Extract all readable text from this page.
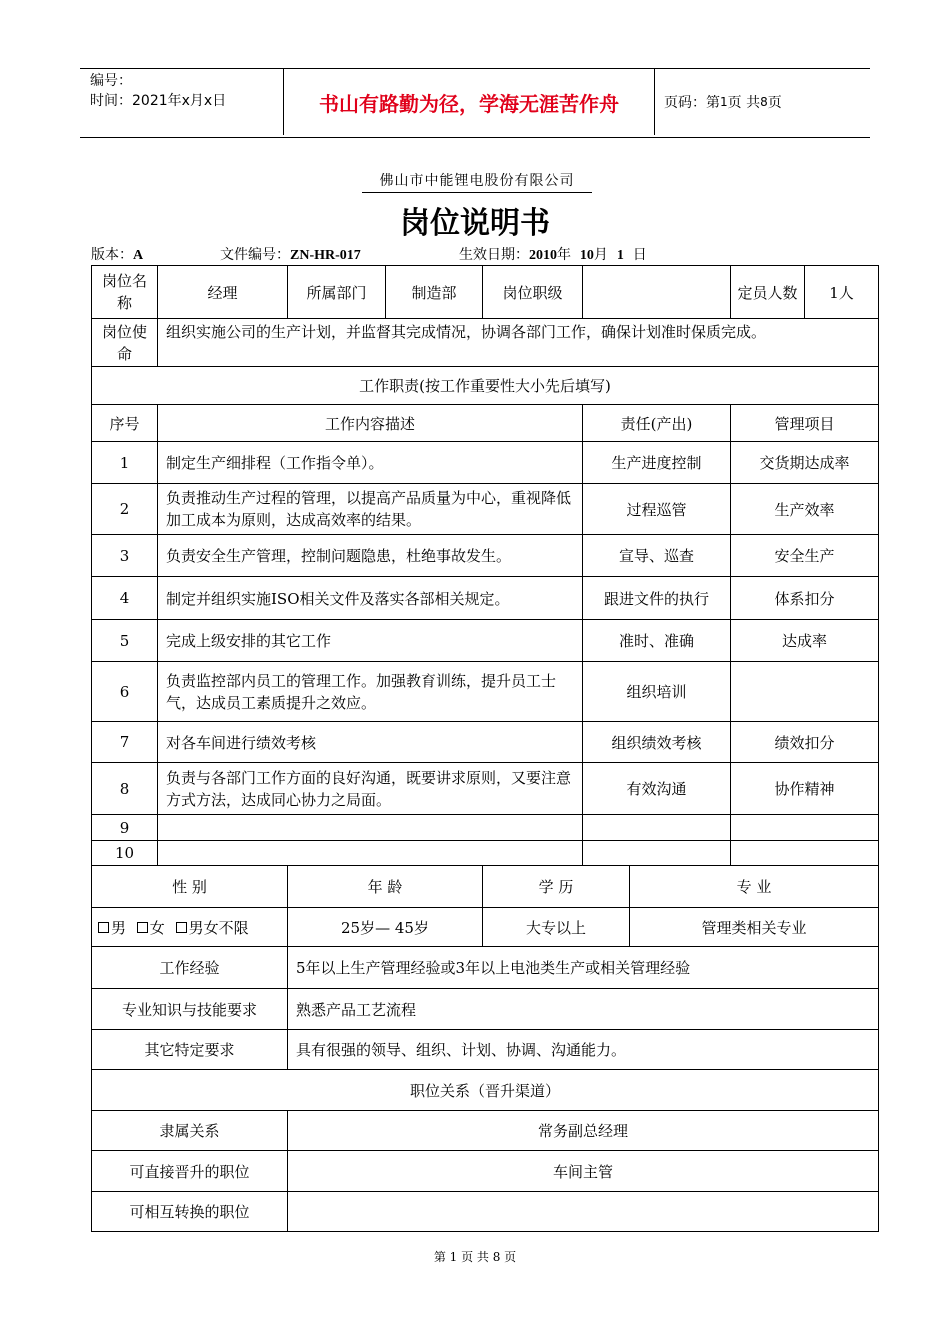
编号：
时间：2021年x月x日	书山有路勤为径，学海无涯苦作舟	页码：第 1 页 共 8 页
佛山市中能锂电股份有限公司
岗位说明书
版本：A	文件编号：ZN-HR-017	生效日期：2010年 10月 1 日
岗位名称	经理	所属部门	制造部	岗位职级			定员人数 1人

岗位使命	组织实施公司的生产计划，并监督其完成情况，协调各部门工作，确保计划准时保质完成。						
工作职责(按工作重要性大小先后填写)							
序号	工作内容描述				责任(产出)		管理项目
1	制定生产细排程（工作指令单）。				生产进度控制		交货期达成率
2	负责推动生产过程的管理，以提高产品质量为中心，重视降低加工成本为原则，达成高效率的结果。				过程巡管		生产效率
3	负责安全生产管理，控制问题隐患，杜绝事故发生。				宣导、巡查		安全生产
4	制定并组织实施ISO相关文件及落实各部相关规定。				跟进文件的执行		体系扣分
5	完成上级安排的其它工作				准时、准确		达成率
6	负责监控部内员工的管理工作。加强教育训练，提升员工士气，达成员工素质提升之效应。				组织培训		
7	对各车间进行绩效考核				组织绩效考核		绩效扣分
8	负责与各部门工作方面的良好沟通，既要讲求原则，又要注意方式方法，达成同心协力之局面。				有效沟通		协作精神
9							
10							
性 别		年 龄		学 历		专 业	
男 女 男女不限		25岁— 45岁		大专以上		管理类相关专业	
工作经验		5年以上生产管理经验或3年以上电池类生产或相关管理经验					
专业知识与技能要求		熟悉产品工艺流程					
其它特定要求		具有很强的领导、组织、计划、协调、沟通能力。					
职位关系（晋升渠道）							
隶属关系		常务副总经理					
可直接晋升的职位		车间主管					
可相互转换的职位							
第 1 页 共 8 页
